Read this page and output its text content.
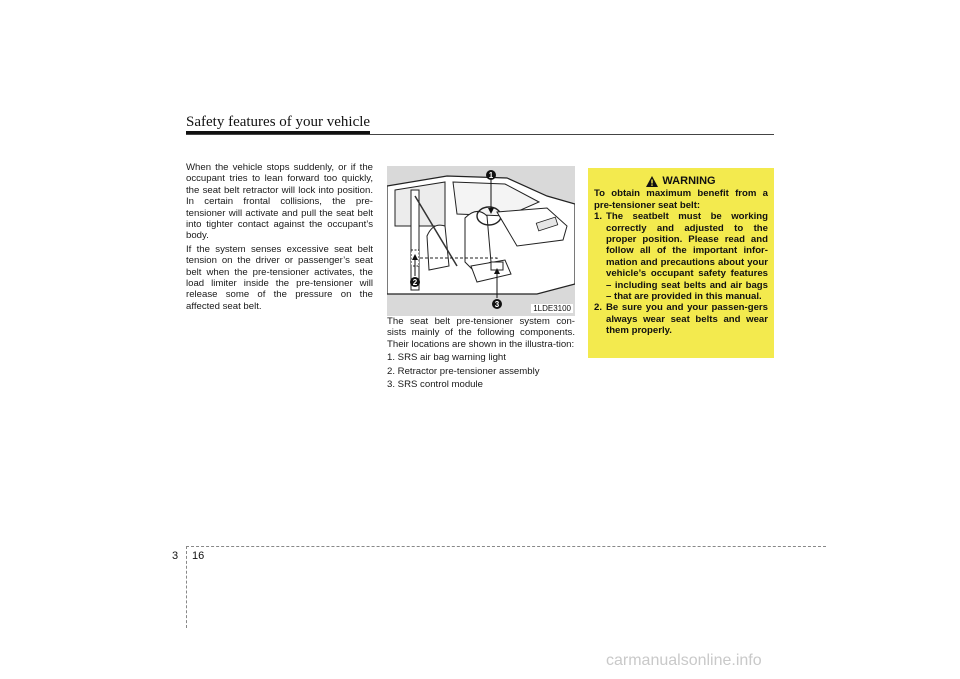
Safety features of your vehicle

When the vehicle stops suddenly, or if the occupant tries to lean forward too quickly, the seat belt retractor will lock into position. In certain frontal collisions, the pre-tensioner will activate and pull the seat belt into tighter contact against the occupant’s body.

If the system senses excessive seat belt tension on the driver or passenger’s seat belt when the pre-tensioner activates, the load limiter inside the pre-tensioner will release some of the pressure on the affected seat belt.

1
2
3	1LDE3100

The seat belt pre-tensioner system con-sists mainly of the following components. Their locations are shown in the illustra-tion:

1. SRS air bag warning light

2. Retractor pre-tensioner assembly

3. SRS control module

WARNING

To obtain maximum benefit from a pre-tensioner seat belt:

1. The seatbelt must be working correctly and adjusted to the proper position. Please read and follow all of the important infor-mation and precautions about your vehicle’s occupant safety features – including seat belts and air bags – that are provided in this manual.
2. Be sure you and your passen-gers always wear seat belts and wear them properly.
3 16
carmanualsonline.info
